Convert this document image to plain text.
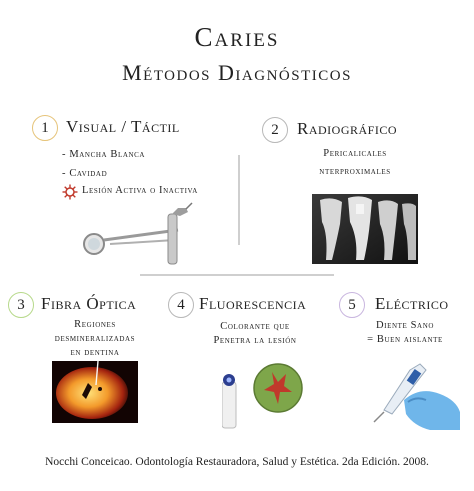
Caries
Métodos Diagnósticos
1	Visual / Táctil
- Mancha Blanca
- Cavidad
Lesión Activa o Inactiva
2	Radiográfico
Pericalicales
nterproximales
3 Fibra Óptica
Regiones
desmineralizadas
en dentina
4 Fluorescencia
Colorante que
Penetra la lesión
5	Eléctrico
Diente Sano
= Buen aislante
Nocchi Conceicao. Odontología Restauradora, Salud y Estética. 2da Edición. 2008.
